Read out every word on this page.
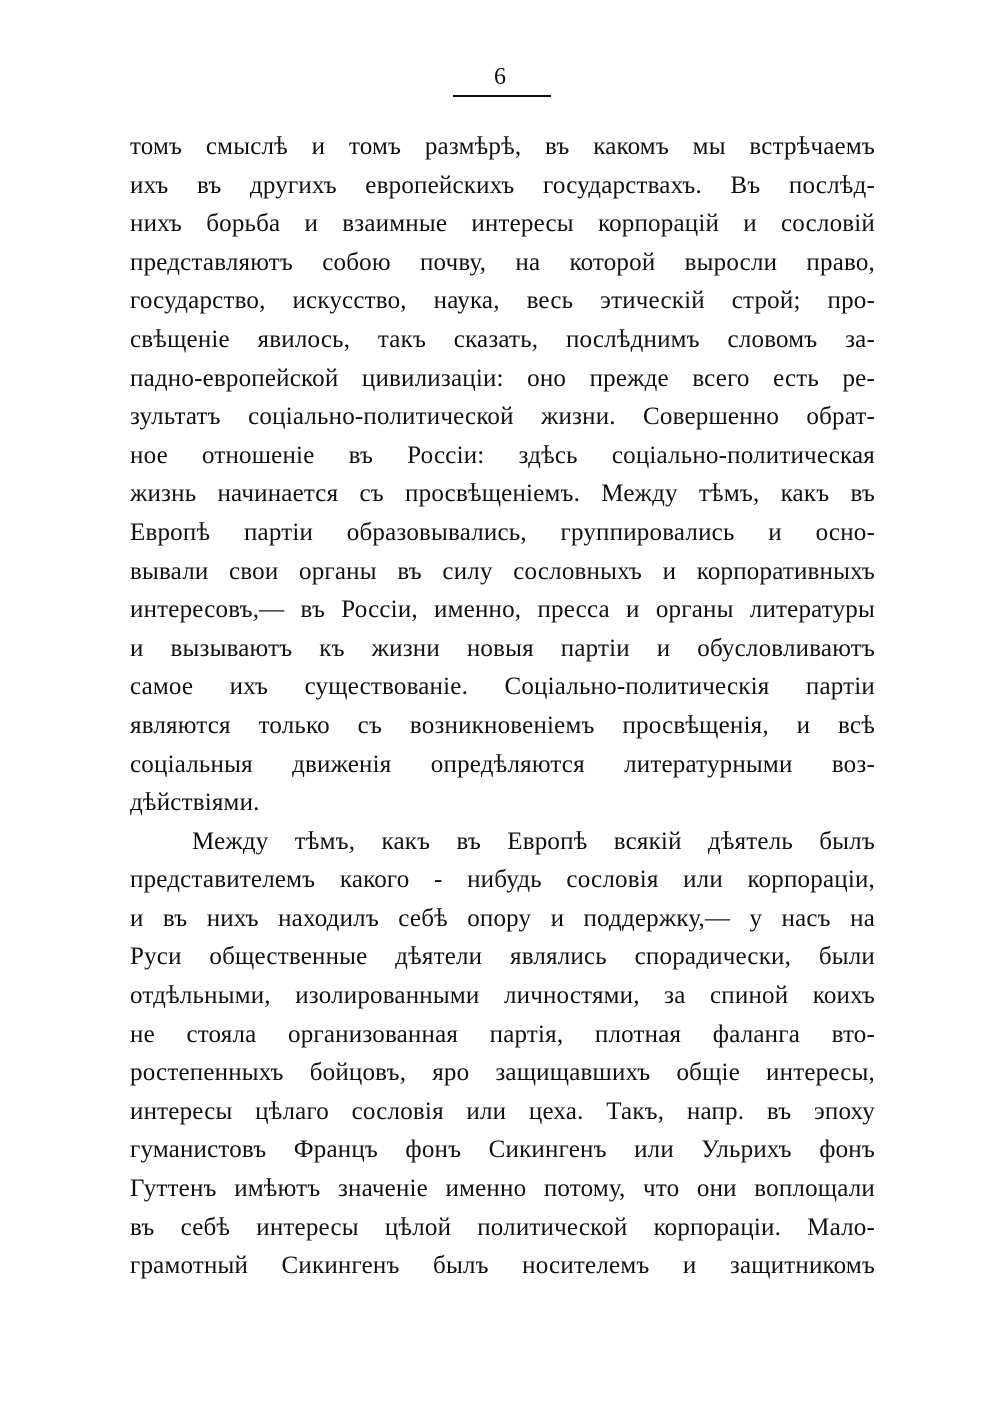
6
томъ смыслѣ и томъ размѣрѣ, въ какомъ мы встрѣчаемъ
ихъ въ другихъ европейскихъ государствахъ. Въ послѣд-
нихъ борьба и взаимные интересы корпорацій и сословій
представляютъ собою почву, на которой выросли право,
государство, искусство, наука, весь этическій строй; про-
свѣщеніе явилось, такъ сказать, послѣднимъ словомъ за-
падно-европейской цивилизаціи: оно прежде всего есть ре-
зультатъ соціально-политической жизни. Совершенно обрат-
ное отношеніе въ Россіи: здѣсь соціально-политическая
жизнь начинается съ просвѣщеніемъ. Между тѣмъ, какъ въ
Европѣ партіи образовывались, группировались и осно-
вывали свои органы въ силу сословныхъ и корпоративныхъ
интересовъ,— въ Россіи, именно, пресса и органы литературы
и вызываютъ къ жизни новыя партіи и обусловливаютъ
самое ихъ существованіе. Соціально-политическія партіи
являются только съ возникновеніемъ просвѣщенія, и всѣ
соціальныя движенія опредѣляются литературными воз-
дѣйствіями.
Между тѣмъ, какъ въ Европѣ всякій дѣятель былъ
представителемъ какого - нибудь сословія или корпораціи,
и въ нихъ находилъ себѣ опору и поддержку,— у насъ на
Руси общественные дѣятели являлись спорадически, были
отдѣльными, изолированными личностями, за спиной коихъ
не стояла организованная партія, плотная фаланга вто-
ростепенныхъ бойцовъ, яро защищавшихъ общіе интересы,
интересы цѣлаго сословія или цеха. Такъ, напр. въ эпоху
гуманистовъ Францъ фонъ Сикингенъ или Ульрихъ фонъ
Гуттенъ имѣютъ значеніе именно потому, что они воплощали
въ себѣ интересы цѣлой политической корпораціи. Мало-
грамотный Сикингенъ былъ носителемъ и защитникомъ
